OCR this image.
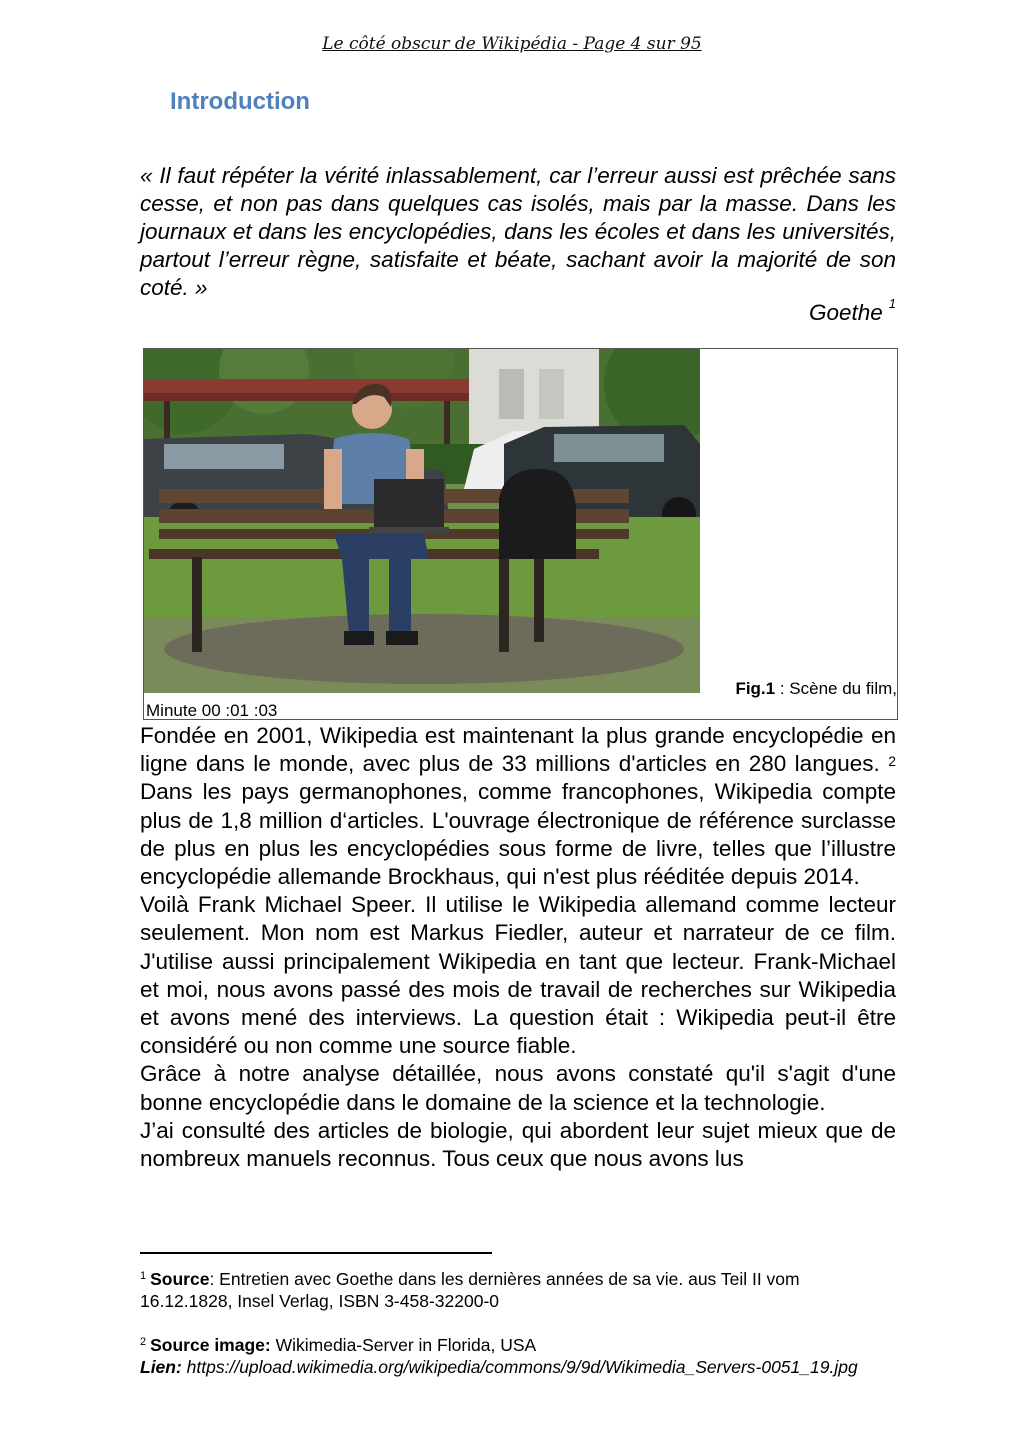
Le côté obscur de Wikipédia - Page 4 sur 95
Introduction
« Il faut répéter la vérité inlassablement, car l’erreur aussi est prêchée sans cesse, et non pas dans quelques cas isolés, mais par la masse. Dans les journaux et dans les encyclopédies, dans les écoles et dans les universités, partout l’erreur règne, satisfaite et béate, sachant avoir la majorité de son coté. »
Goethe $^1$
Fig.1 : Scène du film,
Minute 00 :01 :03

Fondée en 2001, Wikipedia est maintenant la plus grande encyclopédie en ligne dans le monde, avec plus de 33 millions d'articles en 280 langues. $^2$ Dans les pays germanophones, comme francophones, Wikipedia compte plus de 1,8 million d‘articles. L'ouvrage électronique de référence surclasse de plus en plus les encyclopédies sous forme de livre, telles que l’illustre encyclopédie allemande Brockhaus, qui n'est plus rééditée depuis 2014.

Voilà Frank Michael Speer. Il utilise le Wikipedia allemand comme lecteur seulement. Mon nom est Markus Fiedler, auteur et narrateur de ce film. J'utilise aussi principalement Wikipedia en tant que lecteur. Frank-Michael et moi, nous avons passé des mois de travail de recherches sur Wikipedia et avons mené des interviews. La question était : Wikipedia peut-il être considéré ou non comme une source fiable.

Grâce à notre analyse détaillée, nous avons constaté qu'il s'agit d'une bonne encyclopédie dans le domaine de la science et la technologie.

J’ai consulté des articles de biologie, qui abordent leur sujet mieux que de nombreux manuels reconnus. Tous ceux que nous avons lus

$^1$ Source: Entretien avec Goethe dans les dernières années de sa vie. aus Teil II vom 16.12.1828, Insel Verlag, ISBN 3-458-32200-0
$^2$ Source image: Wikimedia-Server in Florida, USA
Lien: https://upload.wikimedia.org/wikipedia/commons/9/9d/Wikimedia_Servers-0051_19.jpg
